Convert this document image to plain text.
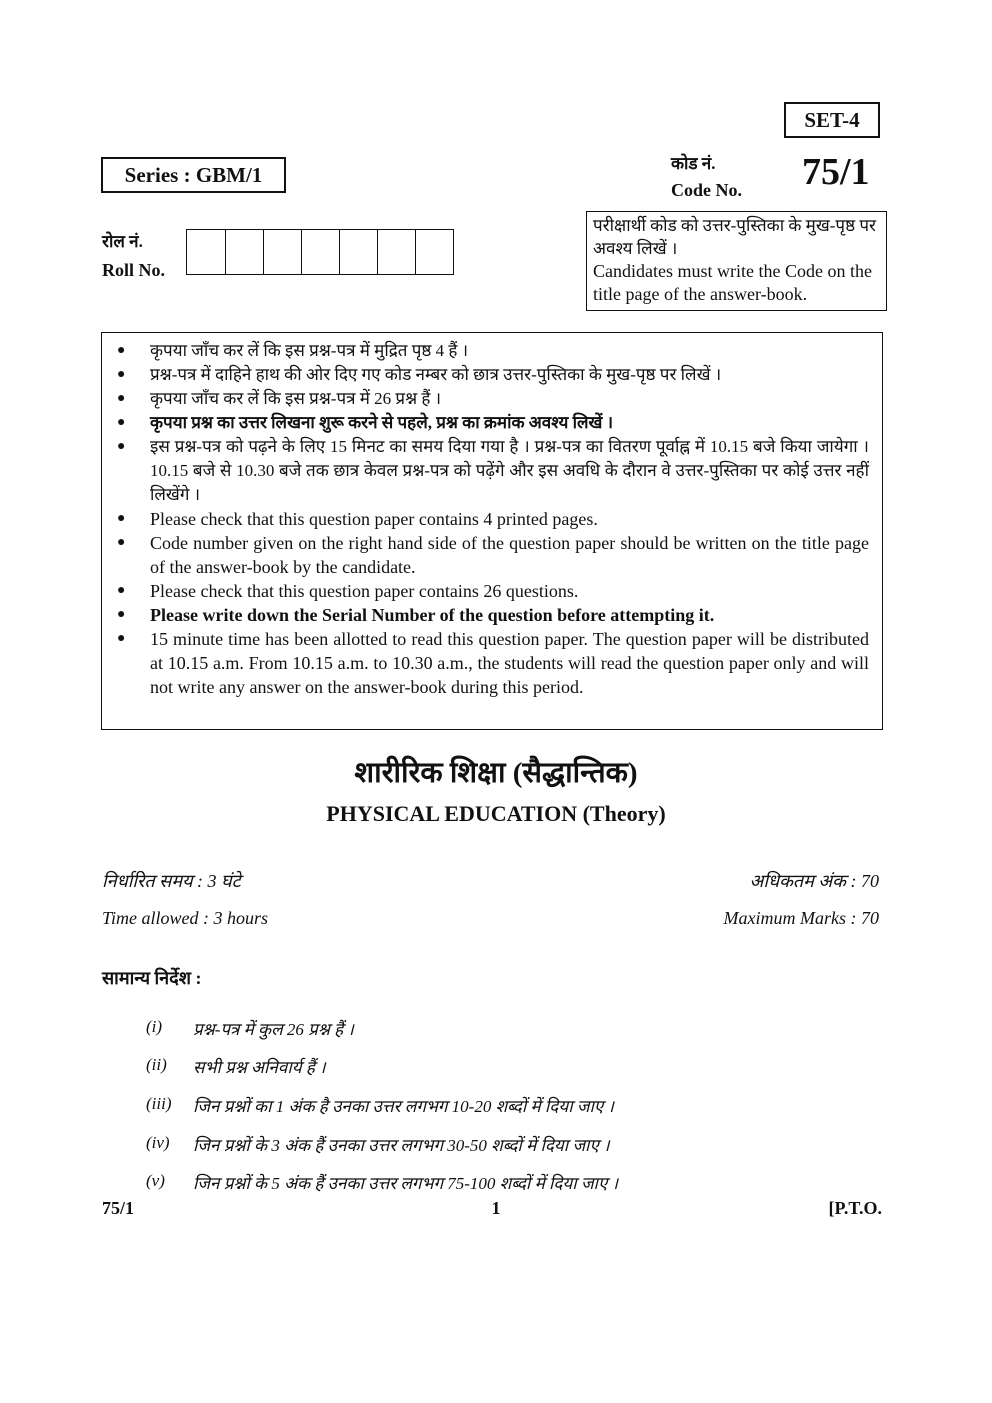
SET-4
Series : GBM/1	कोड नं.
Code No. 75/1
रोल नं.
Roll No.
परीक्षार्थी कोड को उत्तर-पुस्तिका के मुख-पृष्ठ पर अवश्य लिखें ।
Candidates must write the Code on the title page of the answer-book.
●	कृपया जाँच कर लें कि इस प्रश्न-पत्र में मुद्रित पृष्ठ 4 हैं ।
●	प्रश्न-पत्र में दाहिने हाथ की ओर दिए गए कोड नम्बर को छात्र उत्तर-पुस्तिका के मुख-पृष्ठ पर लिखें ।
●	कृपया जाँच कर लें कि इस प्रश्न-पत्र में 26 प्रश्न हैं ।
●	कृपया प्रश्न का उत्तर लिखना शुरू करने से पहले, प्रश्न का क्रमांक अवश्य लिखें ।
●	इस प्रश्न-पत्र को पढ़ने के लिए 15 मिनट का समय दिया गया है । प्रश्न-पत्र का वितरण पूर्वाह्न में 10.15 बजे किया जायेगा । 10.15 बजे से 10.30 बजे तक छात्र केवल प्रश्न-पत्र को पढ़ेंगे और इस अवधि के दौरान वे उत्तर-पुस्तिका पर कोई उत्तर नहीं लिखेंगे ।
●	Please check that this question paper contains 4 printed pages.
●	Code number given on the right hand side of the question paper should be written on the title page of the answer-book by the candidate.
●	Please check that this question paper contains 26 questions.
●	Please write down the Serial Number of the question before attempting it.
●	15 minute time has been allotted to read this question paper. The question paper will be distributed at 10.15 a.m. From 10.15 a.m. to 10.30 a.m., the students will read the question paper only and will not write any answer on the answer-book during this period.
शारीरिक शिक्षा (सैद्धान्तिक)
PHYSICAL EDUCATION (Theory)
निर्धारित समय : 3 घंटे	अधिकतम अंक : 70
Time allowed : 3 hours	Maximum Marks : 70
सामान्य निर्देश :
(i)	प्रश्न-पत्र में कुल 26 प्रश्न हैं ।
(ii)	सभी प्रश्न अनिवार्य हैं ।
(iii)	जिन प्रश्नों का 1 अंक है उनका उत्तर लगभग 10-20 शब्दों में दिया जाए ।
(iv)	जिन प्रश्नों के 3 अंक हैं उनका उत्तर लगभग 30-50 शब्दों में दिया जाए ।
(v)	जिन प्रश्नों के 5 अंक हैं उनका उत्तर लगभग 75-100 शब्दों में दिया जाए ।
75/1	1	[P.T.O.
